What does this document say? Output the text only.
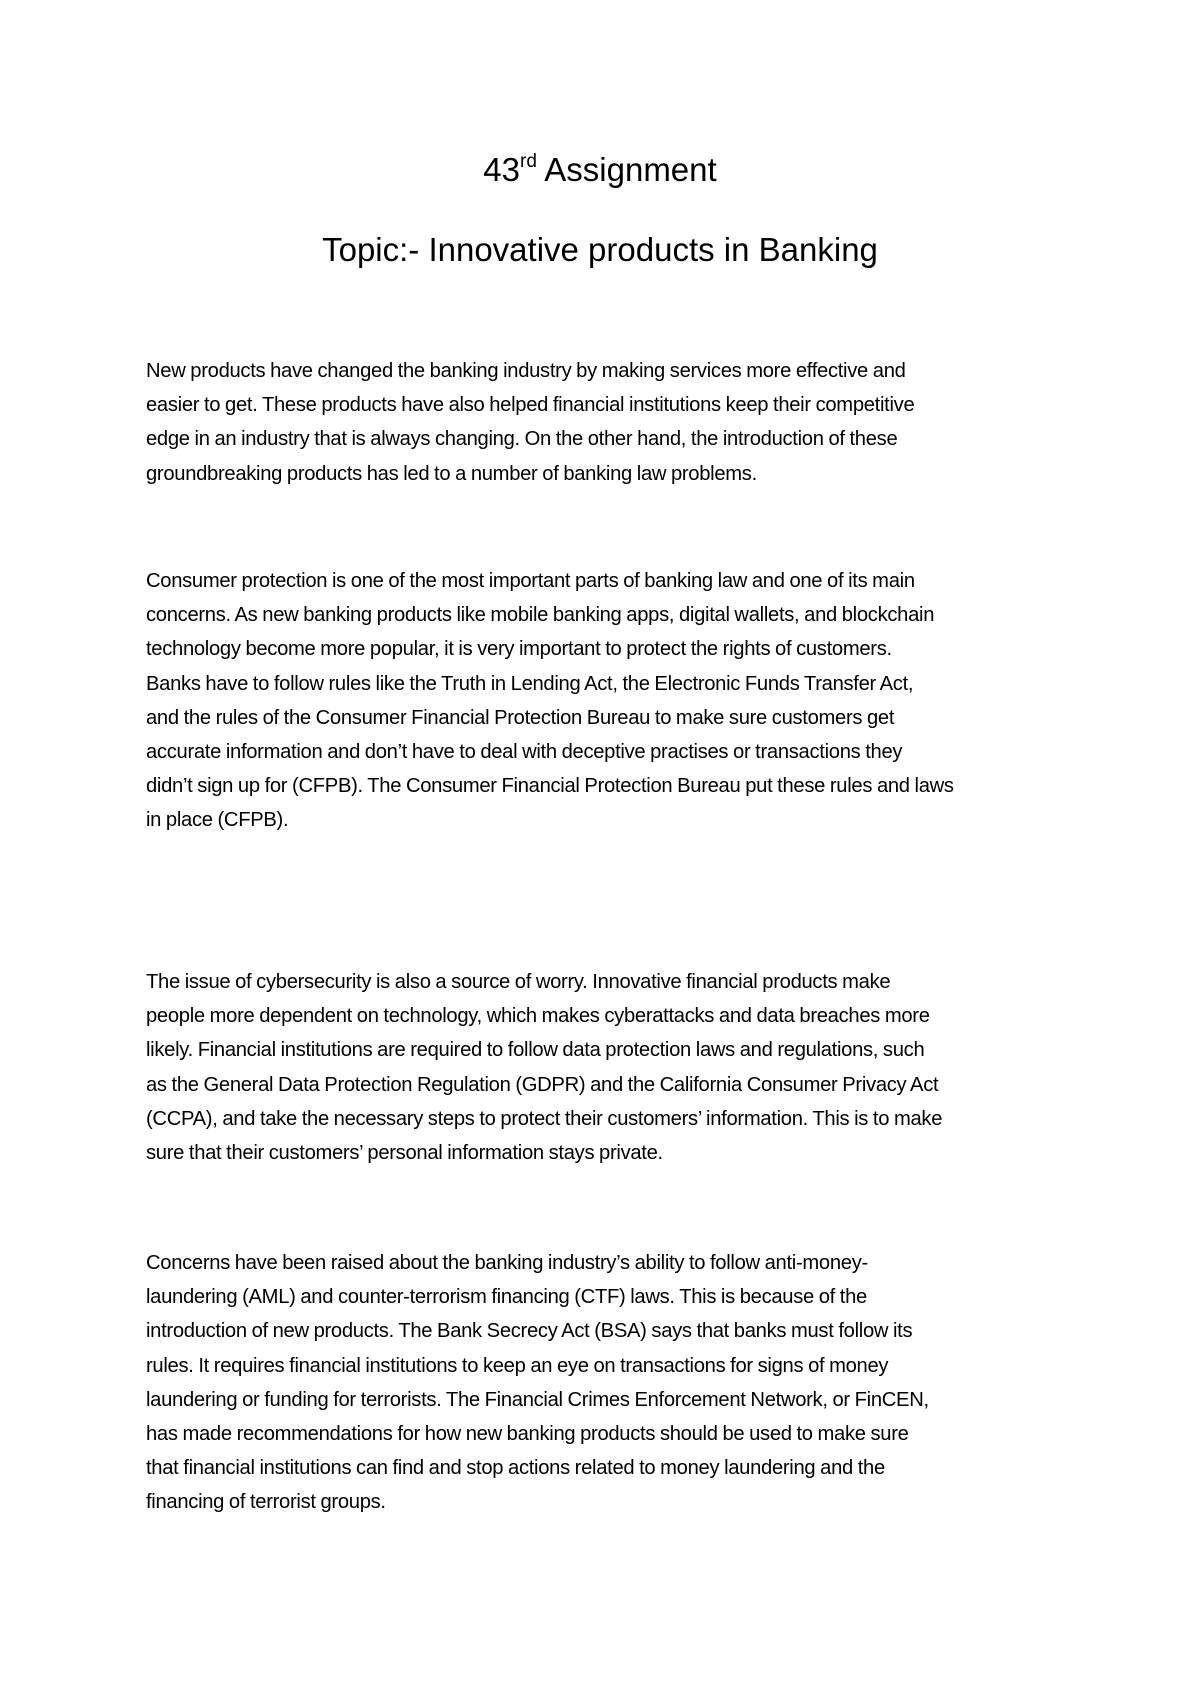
43rd Assignment
Topic:- Innovative products in Banking

New products have changed the banking industry by making services more effective and
easier to get. These products have also helped financial institutions keep their competitive
edge in an industry that is always changing. On the other hand, the introduction of these
groundbreaking products has led to a number of banking law problems.

Consumer protection is one of the most important parts of banking law and one of its main
concerns. As new banking products like mobile banking apps, digital wallets, and blockchain
technology become more popular, it is very important to protect the rights of customers.
Banks have to follow rules like the Truth in Lending Act, the Electronic Funds Transfer Act,
and the rules of the Consumer Financial Protection Bureau to make sure customers get
accurate information and don’t have to deal with deceptive practises or transactions they
didn’t sign up for (CFPB). The Consumer Financial Protection Bureau put these rules and laws
in place (CFPB).

The issue of cybersecurity is also a source of worry. Innovative financial products make
people more dependent on technology, which makes cyberattacks and data breaches more
likely. Financial institutions are required to follow data protection laws and regulations, such
as the General Data Protection Regulation (GDPR) and the California Consumer Privacy Act
(CCPA), and take the necessary steps to protect their customers’ information. This is to make
sure that their customers’ personal information stays private.

Concerns have been raised about the banking industry’s ability to follow anti-money-
laundering (AML) and counter-terrorism financing (CTF) laws. This is because of the
introduction of new products. The Bank Secrecy Act (BSA) says that banks must follow its
rules. It requires financial institutions to keep an eye on transactions for signs of money
laundering or funding for terrorists. The Financial Crimes Enforcement Network, or FinCEN,
has made recommendations for how new banking products should be used to make sure
that financial institutions can find and stop actions related to money laundering and the
financing of terrorist groups.
